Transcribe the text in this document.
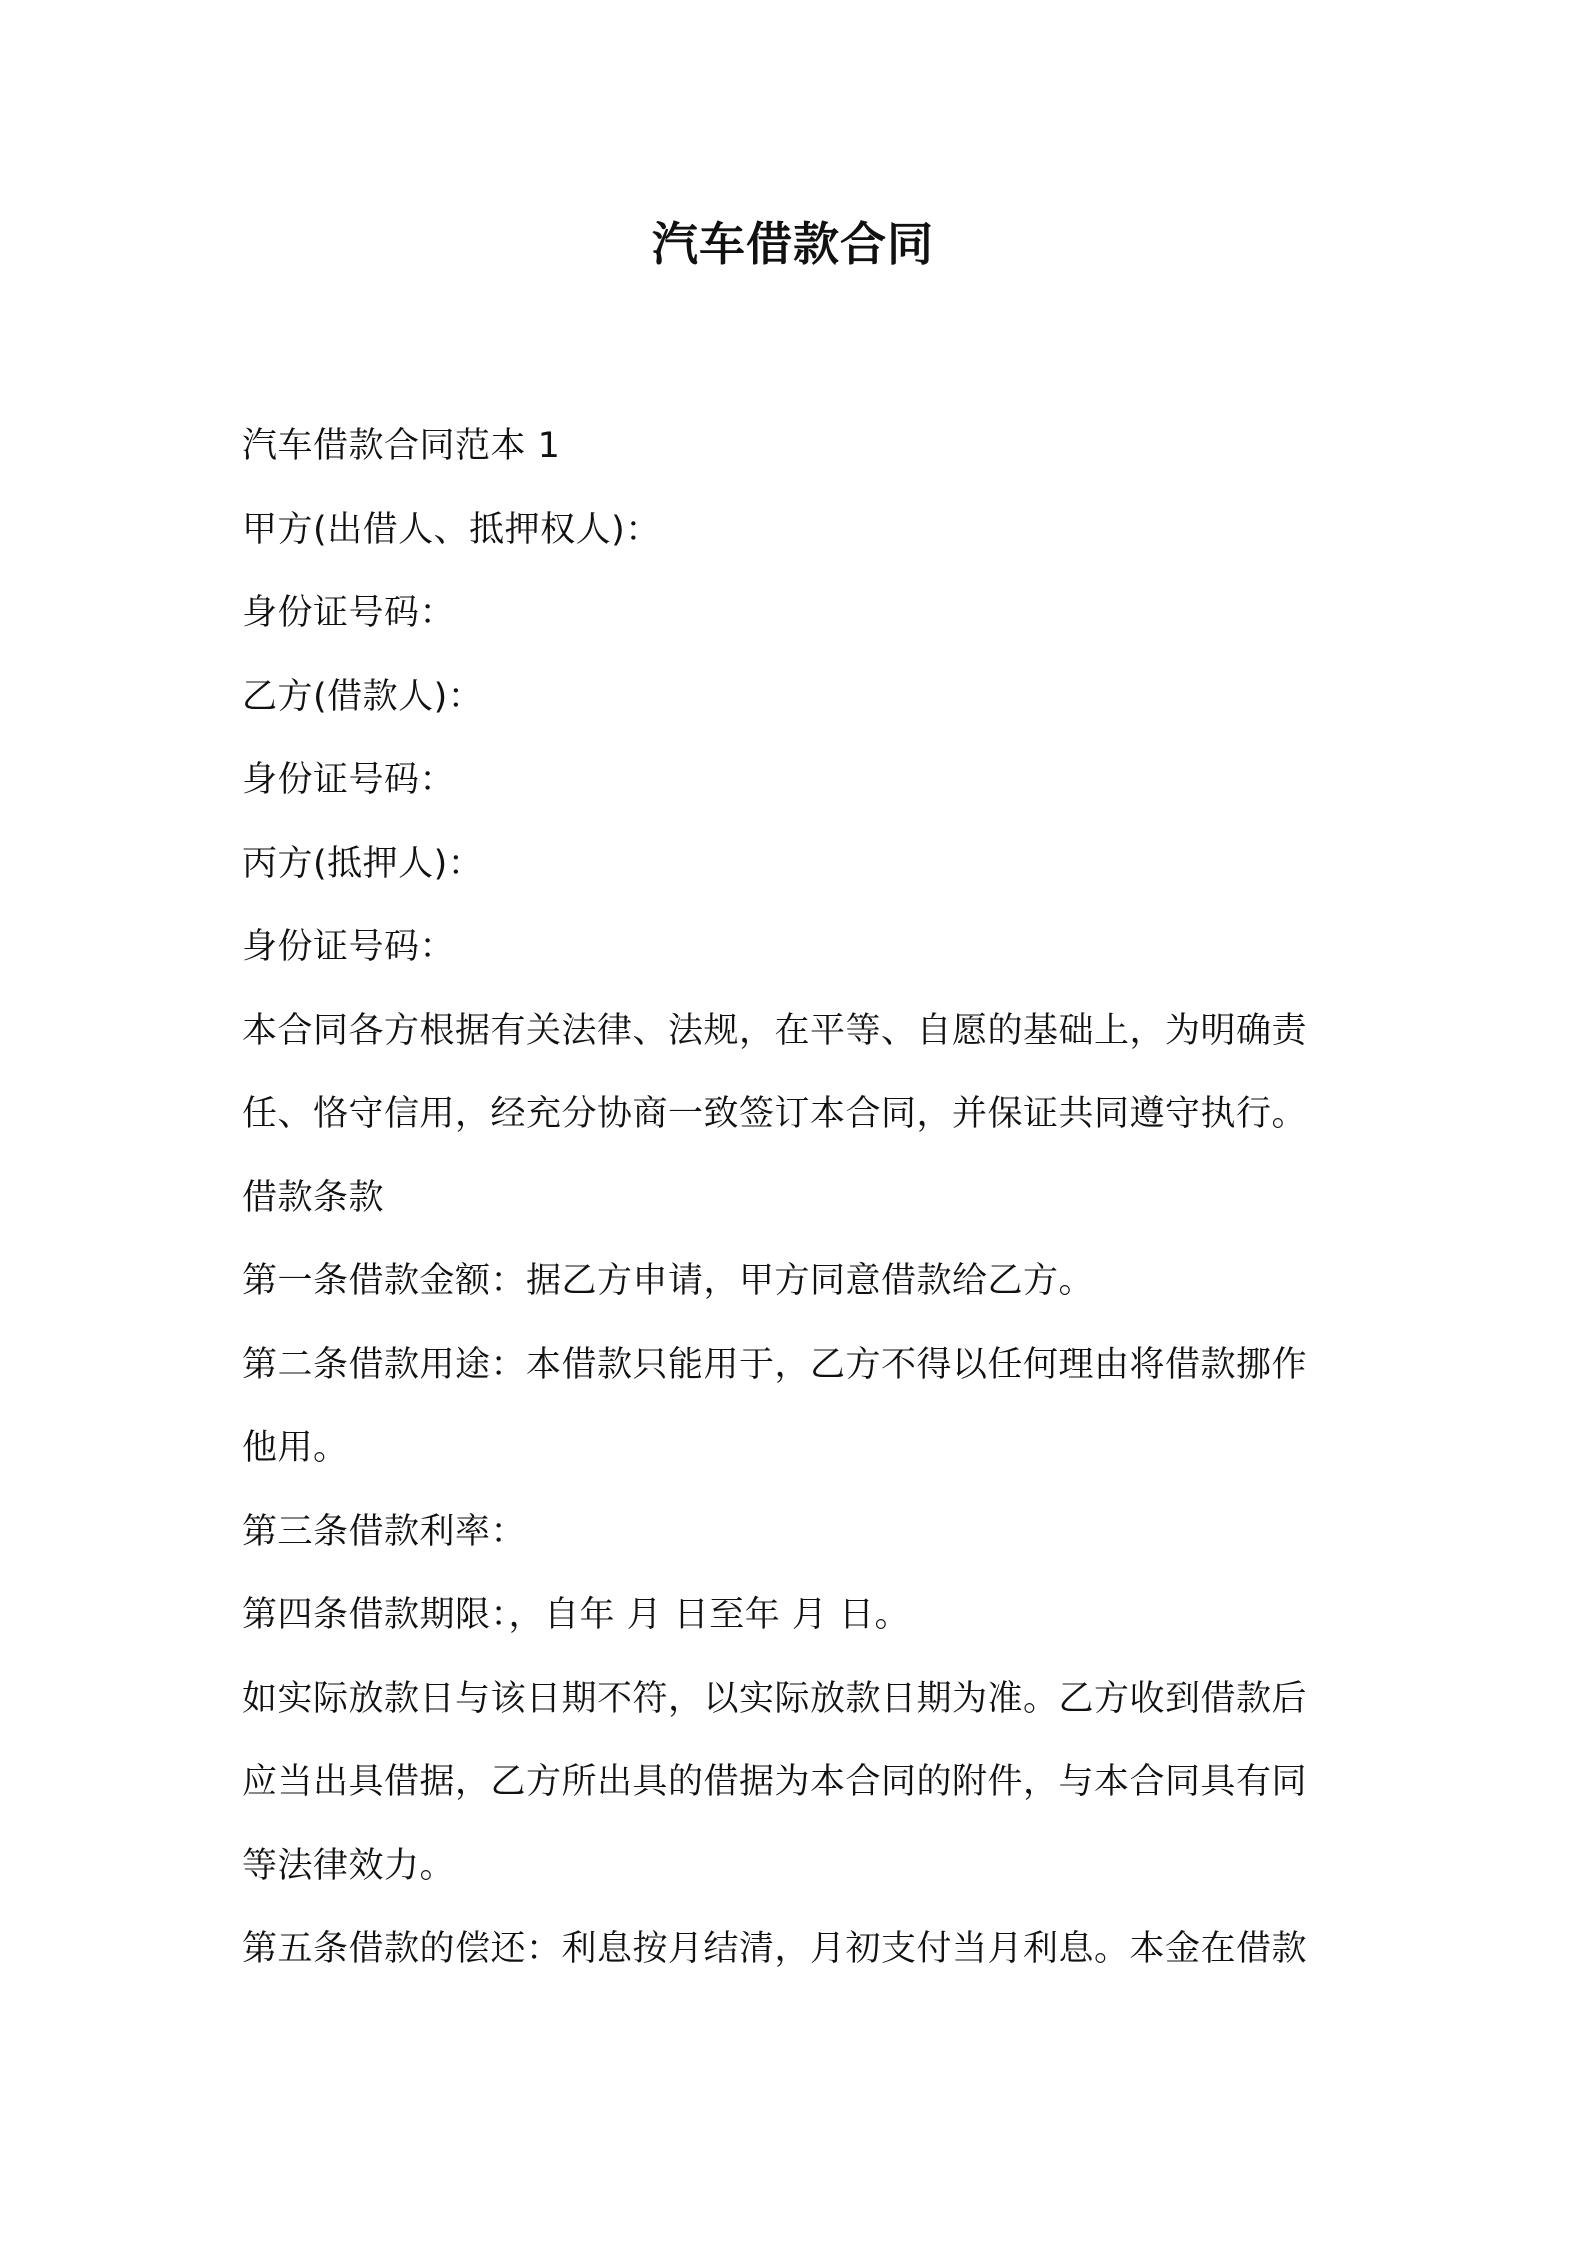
汽车借款合同
汽车借款合同范本 1
甲方(出借人、抵押权人)：
身份证号码：
乙方(借款人)：
身份证号码：
丙方(抵押人)：
身份证号码：
本合同各方根据有关法律、法规，在平等、自愿的基础上，为明确责
任、恪守信用，经充分协商一致签订本合同，并保证共同遵守执行。
借款条款
第一条借款金额：据乙方申请，甲方同意借款给乙方。
第二条借款用途：本借款只能用于，乙方不得以任何理由将借款挪作
他用。
第三条借款利率：
第四条借款期限：，自年 月 日至年 月 日。
如实际放款日与该日期不符，以实际放款日期为准。乙方收到借款后
应当出具借据，乙方所出具的借据为本合同的附件，与本合同具有同
等法律效力。
第五条借款的偿还：利息按月结清，月初支付当月利息。本金在借款
